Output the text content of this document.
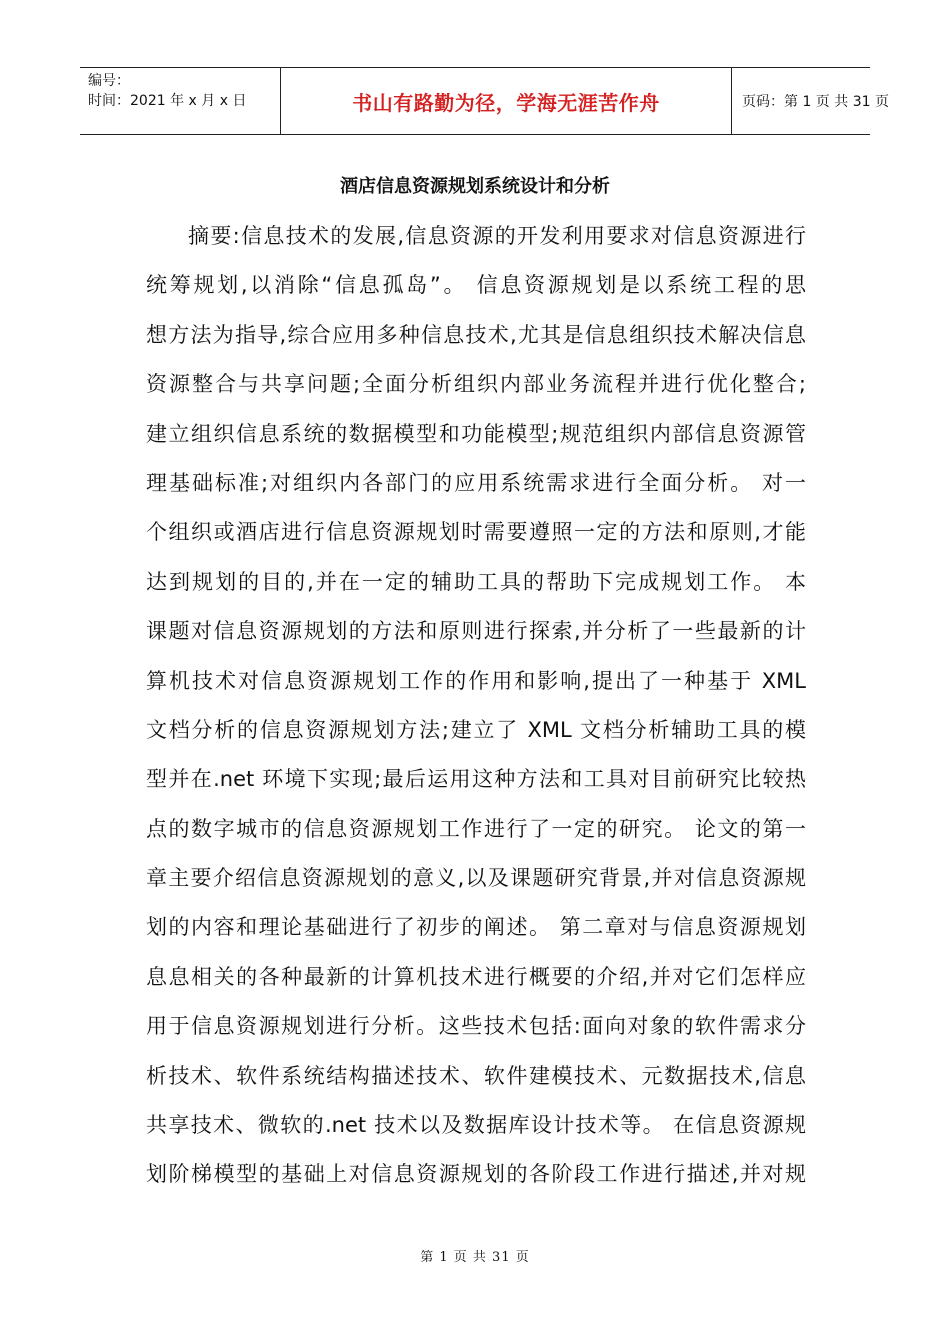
编号：
时间：2021 年 x 月 x 日	书山有路勤为径，学海无涯苦作舟	页码：第 1 页 共 31 页
酒店信息资源规划系统设计和分析
摘要:信息技术的发展,信息资源的开发利用要求对信息资源进行
统筹规划,以消除“信息孤岛”。 信息资源规划是以系统工程的思
想方法为指导,综合应用多种信息技术,尤其是信息组织技术解决信息
资源整合与共享问题;全面分析组织内部业务流程并进行优化整合;
建立组织信息系统的数据模型和功能模型;规范组织内部信息资源管
理基础标准;对组织内各部门的应用系统需求进行全面分析。 对一
个组织或酒店进行信息资源规划时需要遵照一定的方法和原则,才能
达到规划的目的,并在一定的辅助工具的帮助下完成规划工作。 本
课题对信息资源规划的方法和原则进行探索,并分析了一些最新的计
算机技术对信息资源规划工作的作用和影响,提出了一种基于 XML
文档分析的信息资源规划方法;建立了 XML 文档分析辅助工具的模
型并在.net 环境下实现;最后运用这种方法和工具对目前研究比较热
点的数字城市的信息资源规划工作进行了一定的研究。 论文的第一
章主要介绍信息资源规划的意义,以及课题研究背景,并对信息资源规
划的内容和理论基础进行了初步的阐述。 第二章对与信息资源规划
息息相关的各种最新的计算机技术进行概要的介绍,并对它们怎样应
用于信息资源规划进行分析。这些技术包括:面向对象的软件需求分
析技术、软件系统结构描述技术、软件建模技术、元数据技术,信息
共享技术、微软的.net 技术以及数据库设计技术等。 在信息资源规
划阶梯模型的基础上对信息资源规划的各阶段工作进行描述,并对规
第 1 页 共 31 页
